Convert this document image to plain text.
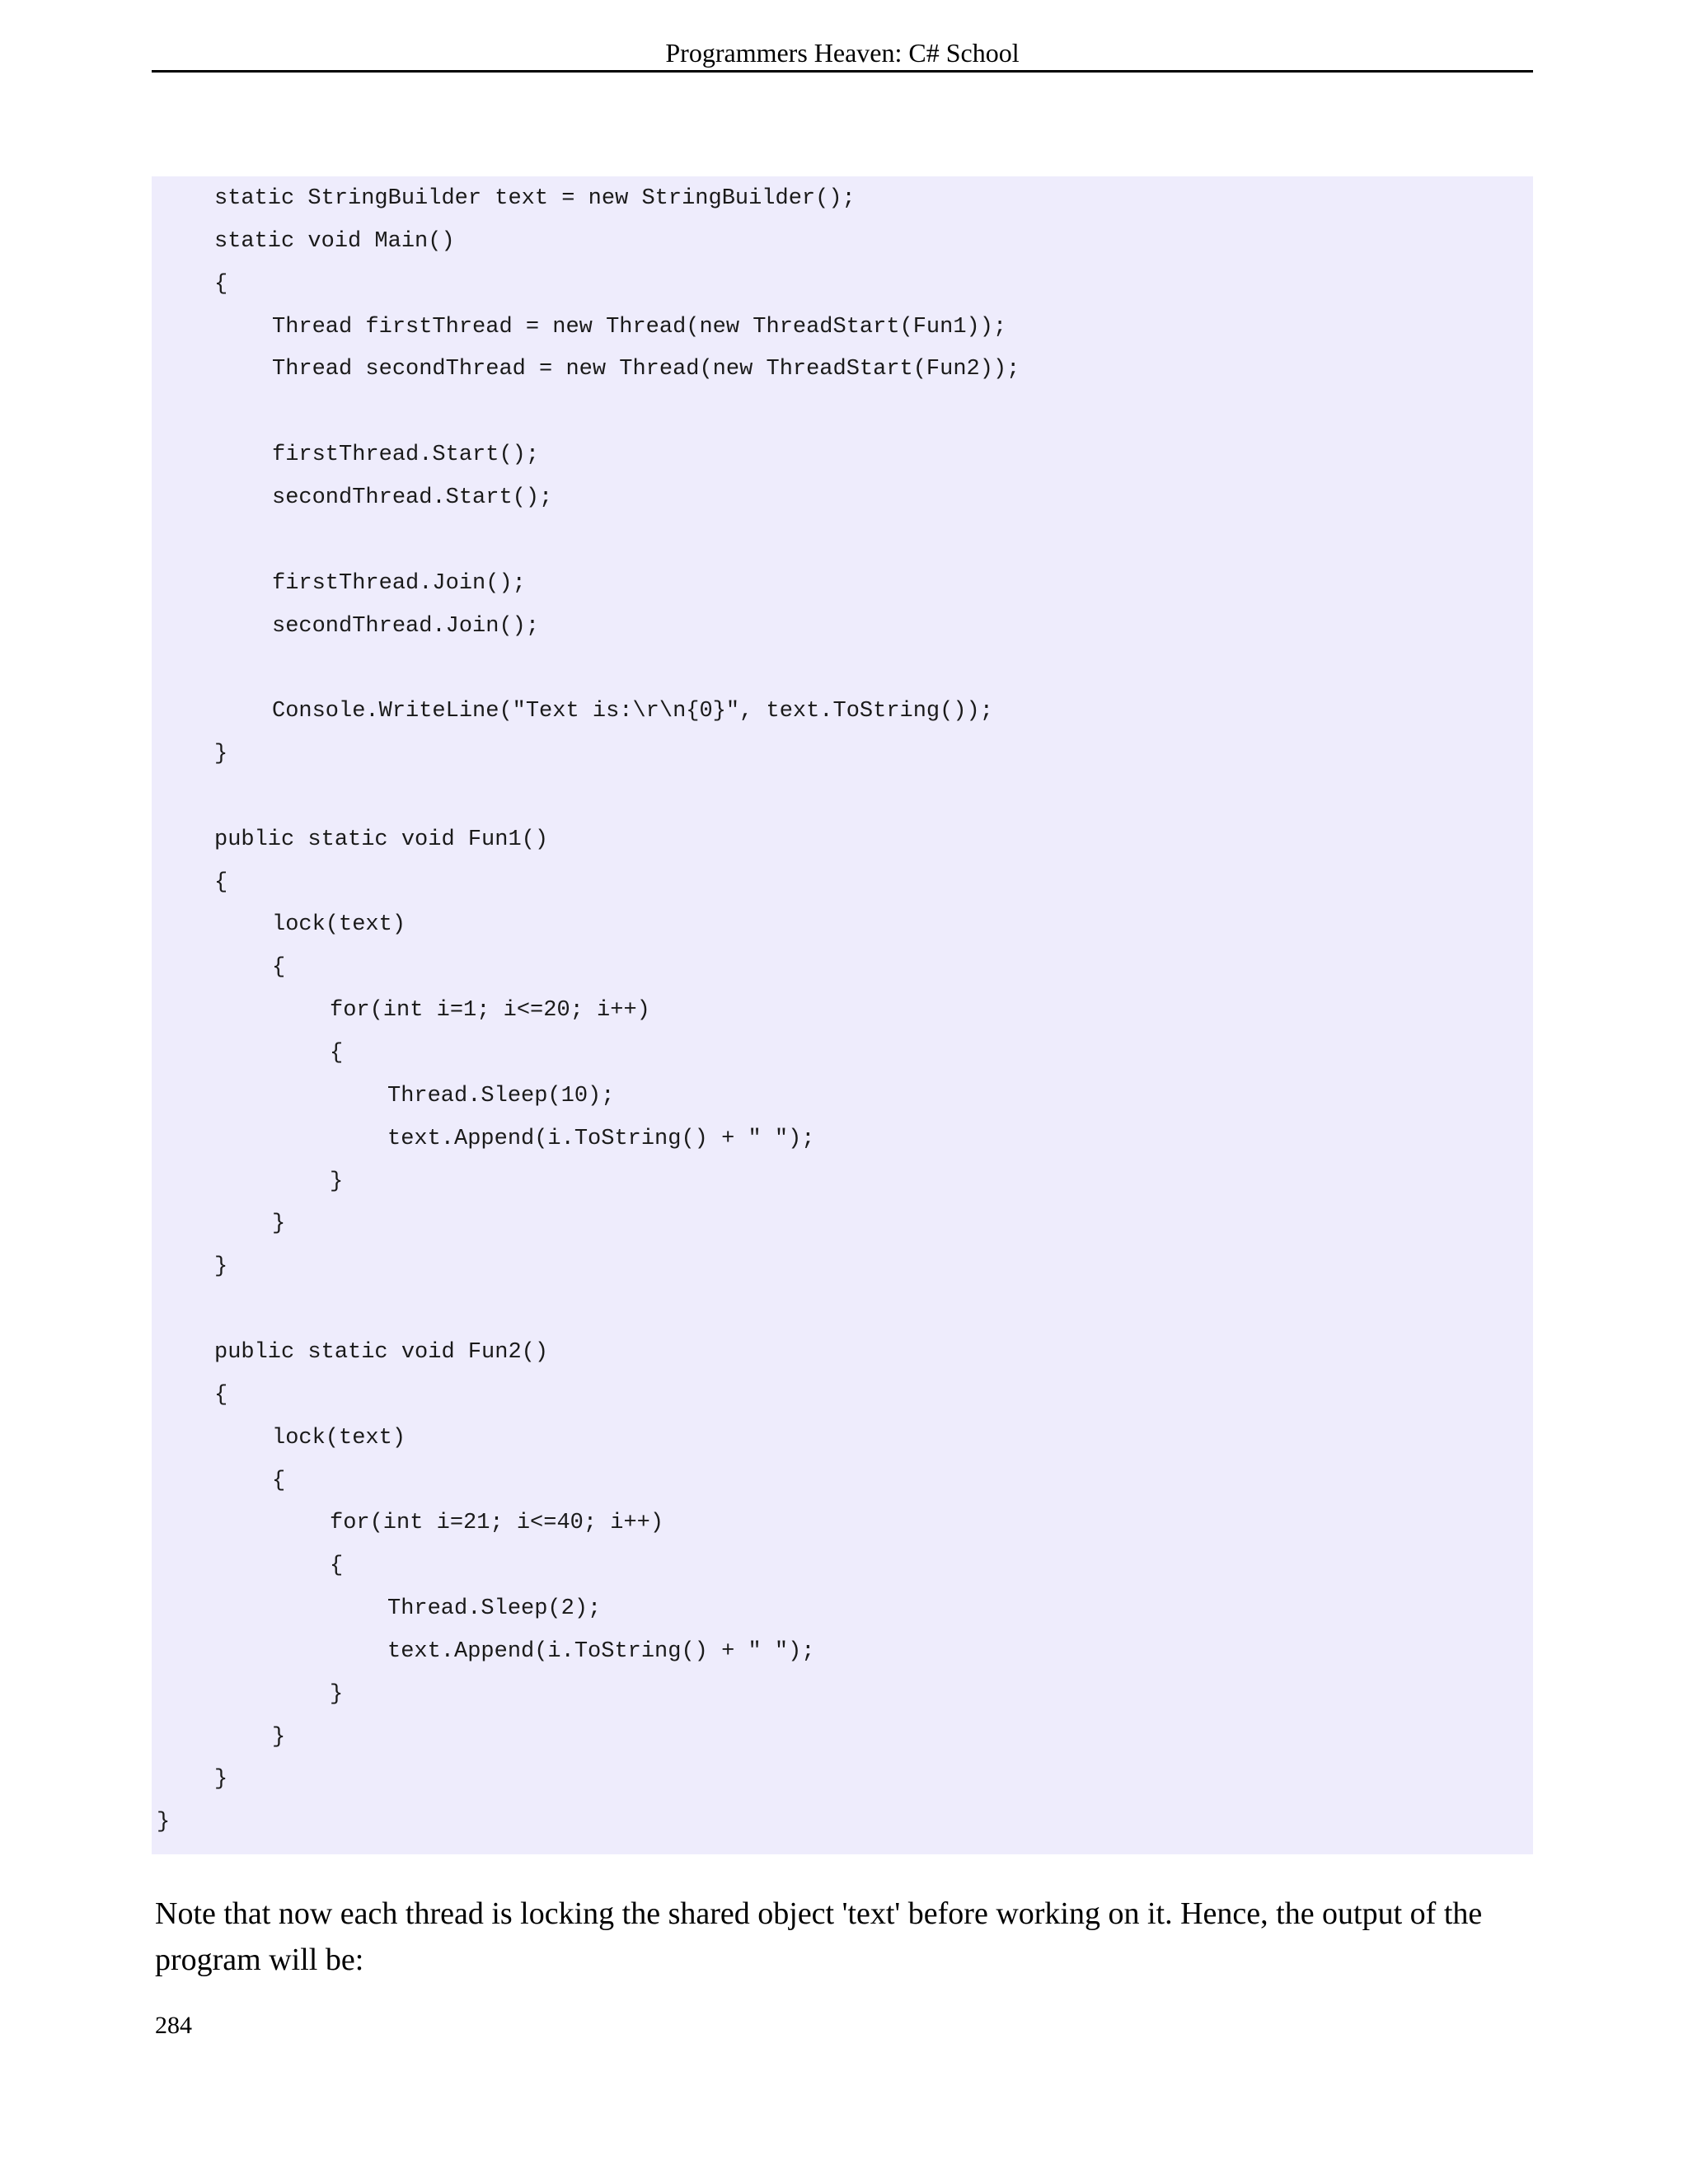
Programmers Heaven: C# School
static StringBuilder text = new StringBuilder();
static void Main()
{
Thread firstThread = new Thread(new ThreadStart(Fun1));
Thread secondThread = new Thread(new ThreadStart(Fun2));
firstThread.Start();
secondThread.Start();
firstThread.Join();
secondThread.Join();
Console.WriteLine("Text is:\r\n{0}", text.ToString());
}
public static void Fun1()
{
lock(text)
{
for(int i=1; i<=20; i++)
{
Thread.Sleep(10);
text.Append(i.ToString() + " ");
}
}
}
public static void Fun2()
{
lock(text)
{
for(int i=21; i<=40; i++)
{
Thread.Sleep(2);
text.Append(i.ToString() + " ");
}
}
}
}
Note that now each thread is locking the shared object 'text' before working on it. Hence, the output of the program will be:
284
